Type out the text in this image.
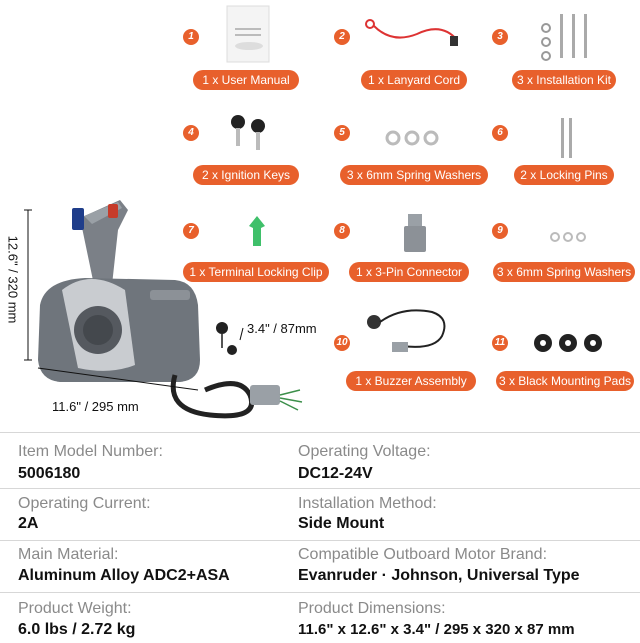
12.6" / 320 mm
11.6" / 295 mm
3.4" / 87mm
1
1 x User Manual
2
1 x Lanyard Cord
3
3 x Installation Kit
4
2 x Ignition Keys
5
3 x 6mm Spring Washers
6
2 x Locking Pins
7
1 x Terminal Locking Clip
8
1 x 3-Pin Connector
9
3 x 6mm Spring Washers
10
1 x Buzzer Assembly
11
3 x Black Mounting Pads
Item Model Number:
5006180
Operating Voltage:
DC12-24V
Operating Current:
2A
Installation Method:
Side Mount
Main Material:
Aluminum Alloy ADC2+ASA
Compatible Outboard Motor Brand:
Evanruder · Johnson, Universal Type
Product Weight:
6.0 lbs / 2.72 kg
Product Dimensions:
11.6" x 12.6" x 3.4" / 295 x 320 x 87 mm
